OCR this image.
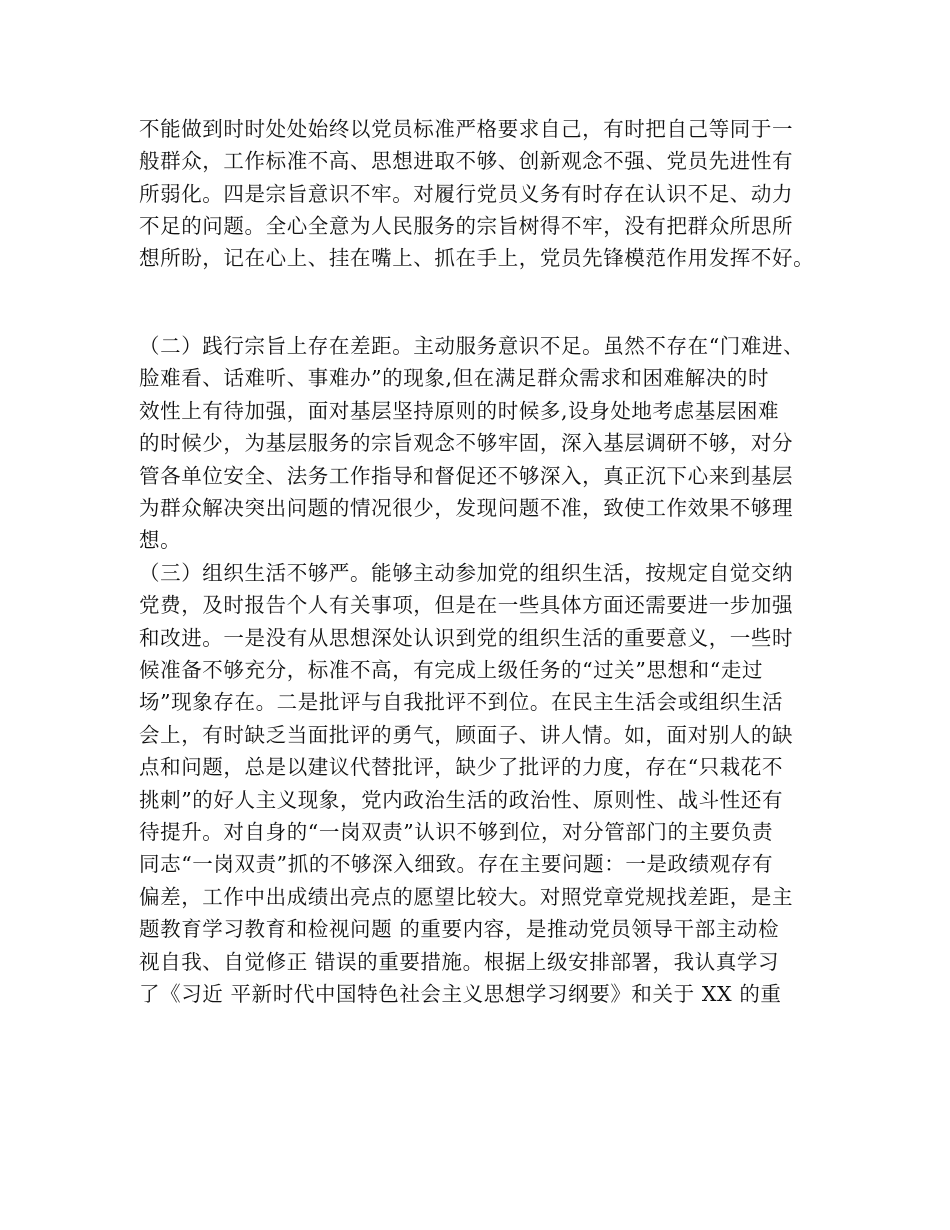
不能做到时时处处始终以党员标准严格要求自己，有时把自己等同于一
般群众，工作标准不高、思想进取不够、创新观念不强、党员先进性有
所弱化。四是宗旨意识不牢。对履行党员义务有时存在认识不足、动力
不足的问题。全心全意为人民服务的宗旨树得不牢，没有把群众所思所
想所盼，记在心上、挂在嘴上、抓在手上，党员先锋模范作用发挥不好。
（二）践行宗旨上存在差距。主动服务意识不足。虽然不存在“门难进、
脸难看、话难听、事难办”的现象,但在满足群众需求和困难解决的时
效性上有待加强，面对基层坚持原则的时候多,设身处地考虑基层困难
的时候少，为基层服务的宗旨观念不够牢固，深入基层调研不够，对分
管各单位安全、法务工作指导和督促还不够深入，真正沉下心来到基层
为群众解决突出问题的情况很少，发现问题不准，致使工作效果不够理
想。
（三）组织生活不够严。能够主动参加党的组织生活，按规定自觉交纳
党费，及时报告个人有关事项，但是在一些具体方面还需要进一步加强
和改进。一是没有从思想深处认识到党的组织生活的重要意义，一些时
候准备不够充分，标准不高，有完成上级任务的“过关”思想和“走过
场”现象存在。二是批评与自我批评不到位。在民主生活会或组织生活
会上，有时缺乏当面批评的勇气，顾面子、讲人情。如，面对别人的缺
点和问题，总是以建议代替批评，缺少了批评的力度，存在“只栽花不
挑刺”的好人主义现象，党内政治生活的政治性、原则性、战斗性还有
待提升。对自身的“一岗双责”认识不够到位，对分管部门的主要负责
同志“一岗双责”抓的不够深入细致。存在主要问题：一是政绩观存有
偏差，工作中出成绩出亮点的愿望比较大。对照党章党规找差距，是主
题教育学习教育和检视问题 的重要内容，是推动党员领导干部主动检
视自我、自觉修正 错误的重要措施。根据上级安排部署，我认真学习
了《习近 平新时代中国特色社会主义思想学习纲要》和关于 XX 的重
